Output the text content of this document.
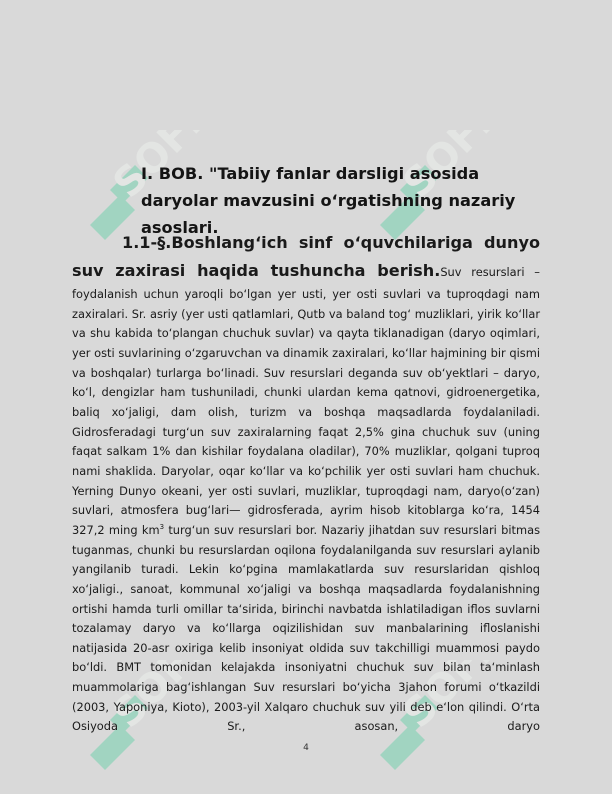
SOFF	SOFF
SOFF	SOFF
I. BOB. "Tabiiy fanlar darsligi asosida daryolar mavzusini o‘rgatishning nazariy asoslari.

1.1-§.Boshlang‘ich sinf o‘quvchilariga dunyo suv zaxirasi haqida tushuncha berish.Suv resurslari – foydalanish uchun yaroqli bo‘lgan yer usti, yer osti suvlari va tuproqdagi nam zaxiralari. Sr. asriy (yer usti qatlamlari, Qutb va baland tog‘ muzliklari, yirik ko‘llar va shu kabida to‘plangan chuchuk suvlar) va qayta tiklanadigan (daryo oqimlari, yer osti suvlarining o‘zgaruvchan va dinamik zaxiralari, ko‘llar hajmining bir qismi va boshqalar) turlarga bo‘linadi. Suv resurslari deganda suv ob‘yektlari – daryo, ko‘l, dengizlar ham tushuniladi, chunki ulardan kema qatnovi, gidroenergetika, baliq xo‘jaligi, dam olish, turizm va boshqa maqsadlarda foydalaniladi. Gidrosferadagi turg‘un suv zaxiralarning faqat 2,5% gina chuchuk suv (uning faqat salkam 1% dan kishilar foydalana oladilar), 70% muzliklar, qolgani tuproq nami shaklida. Daryolar, oqar ko‘llar va ko‘pchilik yer osti suvlari ham chuchuk. Yerning Dunyo okeani, yer osti suvlari, muzliklar, tuproqdagi nam, daryo(o‘zan) suvlari, atmosfera bug‘lari— gidrosferada, ayrim hisob kitoblarga ko‘ra, 1454 327,2 ming $km^3$ turg‘un suv resurslari bor. Nazariy jihatdan suv resurslari bitmas tuganmas, chunki bu resurslardan oqilona foydalanilganda suv resurslari aylanib yangilanib turadi. Lekin ko‘pgina mamlakatlarda suv resurslaridan qishloq xo‘jaligi., sanoat, kommunal xo‘jaligi va boshqa maqsadlarda foydalanishning ortishi hamda turli omillar ta‘sirida, birinchi navbatda ishlatiladigan iflos suvlarni tozalamay daryo va ko‘llarga oqizilishidan suv manbalarining ifloslanishi natijasida 20-asr oxiriga kelib insoniyat oldida suv takchilligi muammosi paydo bo‘ldi. BMT tomonidan kelajakda insoniyatni chuchuk suv bilan ta‘minlash muammolariga bag‘ishlangan Suv resurslari bo‘yicha 3jahon forumi o‘tkazildi (2003, Yaponiya, Kioto), 2003-yil Xalqaro chuchuk suv yili deb e‘lon qilindi. O‘rta Osiyoda Sr., asosan, daryo

4
